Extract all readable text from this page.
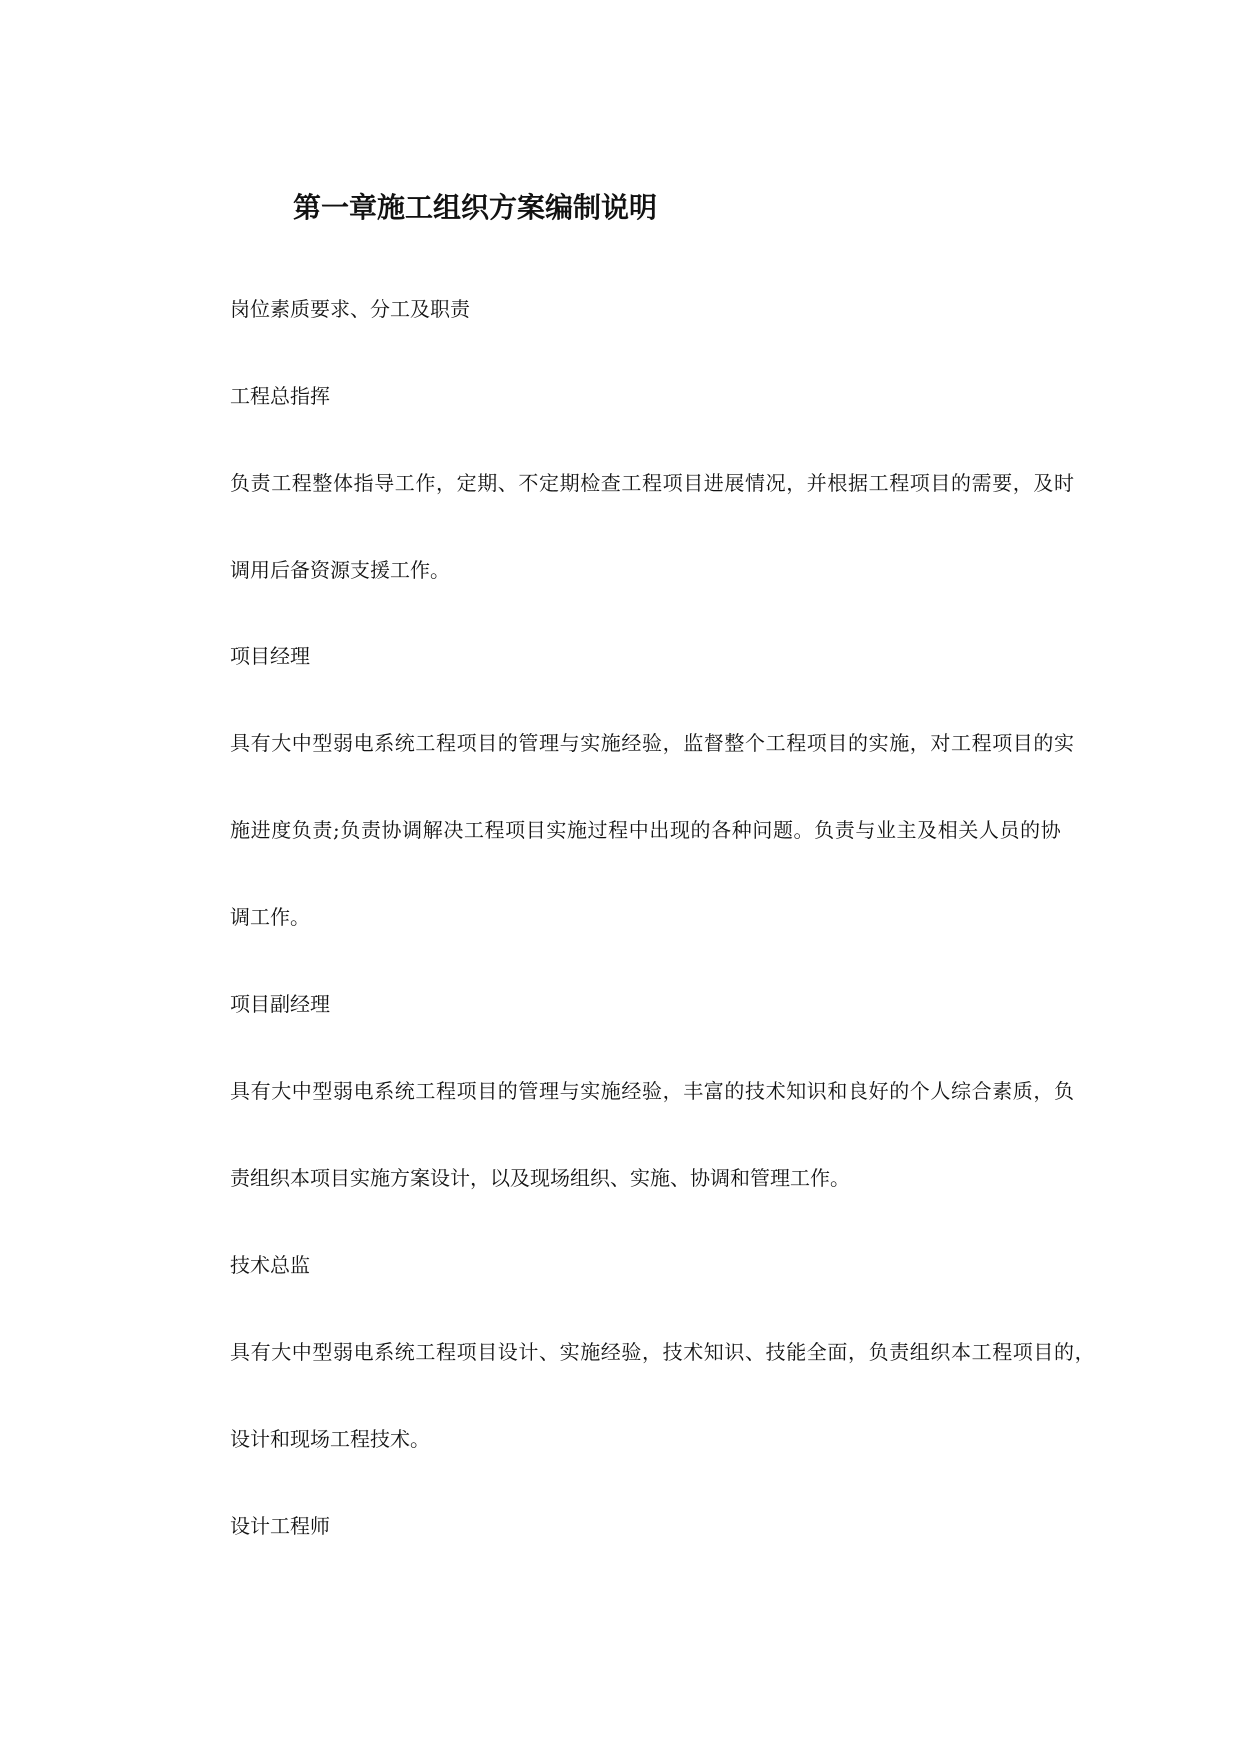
第一章施工组织方案编制说明

岗位素质要求、分工及职责

工程总指挥

负责工程整体指导工作，定期、不定期检查工程项目进展情况，并根据工程项目的需要，及时

调用后备资源支援工作。

项目经理

具有大中型弱电系统工程项目的管理与实施经验，监督整个工程项目的实施，对工程项目的实

施进度负责;负责协调解决工程项目实施过程中出现的各种问题。负责与业主及相关人员的协

调工作。

项目副经理

具有大中型弱电系统工程项目的管理与实施经验，丰富的技术知识和良好的个人综合素质，负

责组织本项目实施方案设计，以及现场组织、实施、协调和管理工作。

技术总监

具有大中型弱电系统工程项目设计、实施经验，技术知识、技能全面，负责组织本工程项目的，

设计和现场工程技术。

设计工程师
